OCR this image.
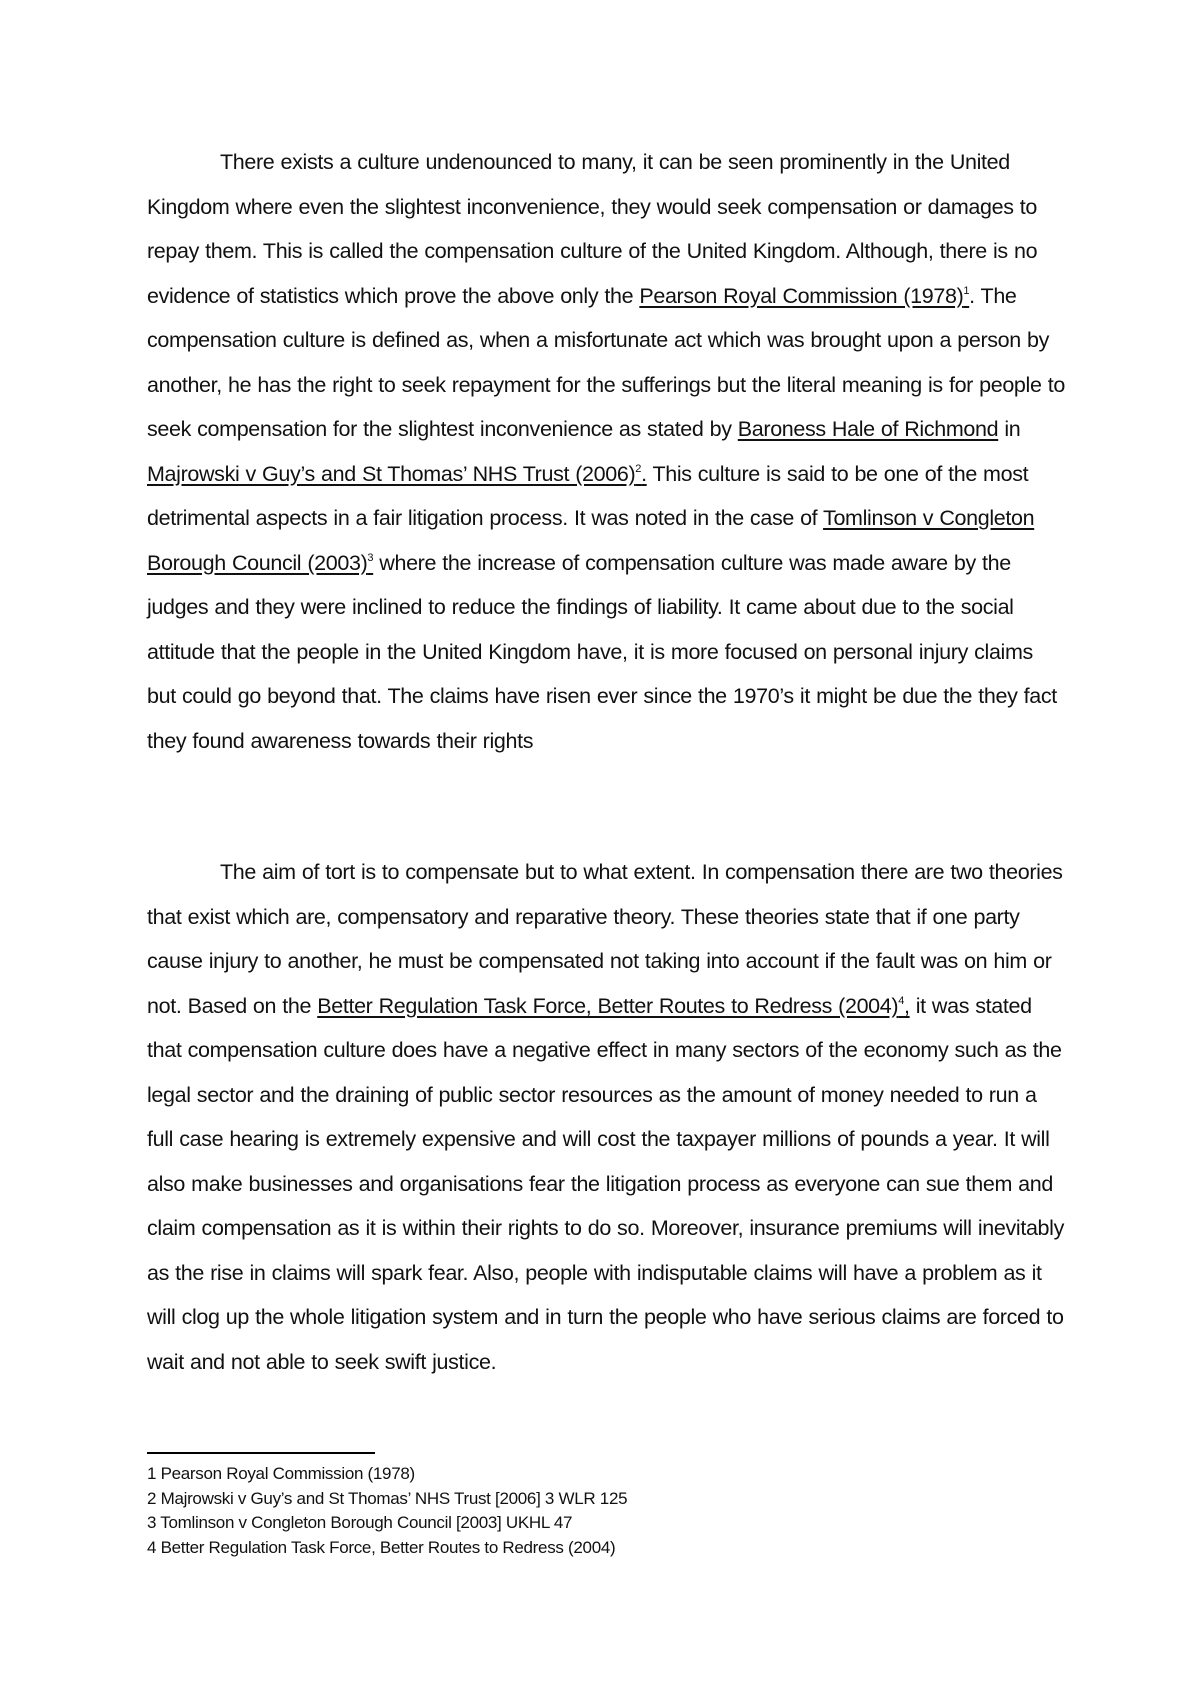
There exists a culture undenounced to many, it can be seen prominently in the United Kingdom where even the slightest inconvenience, they would seek compensation or damages to repay them. This is called the compensation culture of the United Kingdom. Although, there is no evidence of statistics which prove the above only the Pearson Royal Commission $(1978)^1$. The compensation culture is defined as, when a misfortunate act which was brought upon a person by another, he has the right to seek repayment for the sufferings but the literal meaning is for people to seek compensation for the slightest inconvenience as stated by Baroness Hale of Richmond in Majrowski v Guy’s and St Thomas’ NHS Trust $(2006)^2$. This culture is said to be one of the most detrimental aspects in a fair litigation process. It was noted in the case of Tomlinson v Congleton Borough Council $(2003)^3$ where the increase of compensation culture was made aware by the judges and they were inclined to reduce the findings of liability. It came about due to the social attitude that the people in the United Kingdom have, it is more focused on personal injury claims but could go beyond that. The claims have risen ever since the 1970’s it might be due the they fact they found awareness towards their rights

The aim of tort is to compensate but to what extent. In compensation there are two theories that exist which are, compensatory and reparative theory. These theories state that if one party cause injury to another, he must be compensated not taking into account if the fault was on him or not. Based on the Better Regulation Task Force, Better Routes to Redress $(2004)^4$, it was stated that compensation culture does have a negative effect in many sectors of the economy such as the legal sector and the draining of public sector resources as the amount of money needed to run a full case hearing is extremely expensive and will cost the taxpayer millions of pounds a year. It will also make businesses and organisations fear the litigation process as everyone can sue them and claim compensation as it is within their rights to do so. Moreover, insurance premiums will inevitably as the rise in claims will spark fear. Also, people with indisputable claims will have a problem as it will clog up the whole litigation system and in turn the people who have serious claims are forced to wait and not able to seek swift justice.

1 Pearson Royal Commission (1978)
2 Majrowski v Guy’s and St Thomas’ NHS Trust [2006] 3 WLR 125
3 Tomlinson v Congleton Borough Council [2003] UKHL 47
4 Better Regulation Task Force, Better Routes to Redress (2004)
